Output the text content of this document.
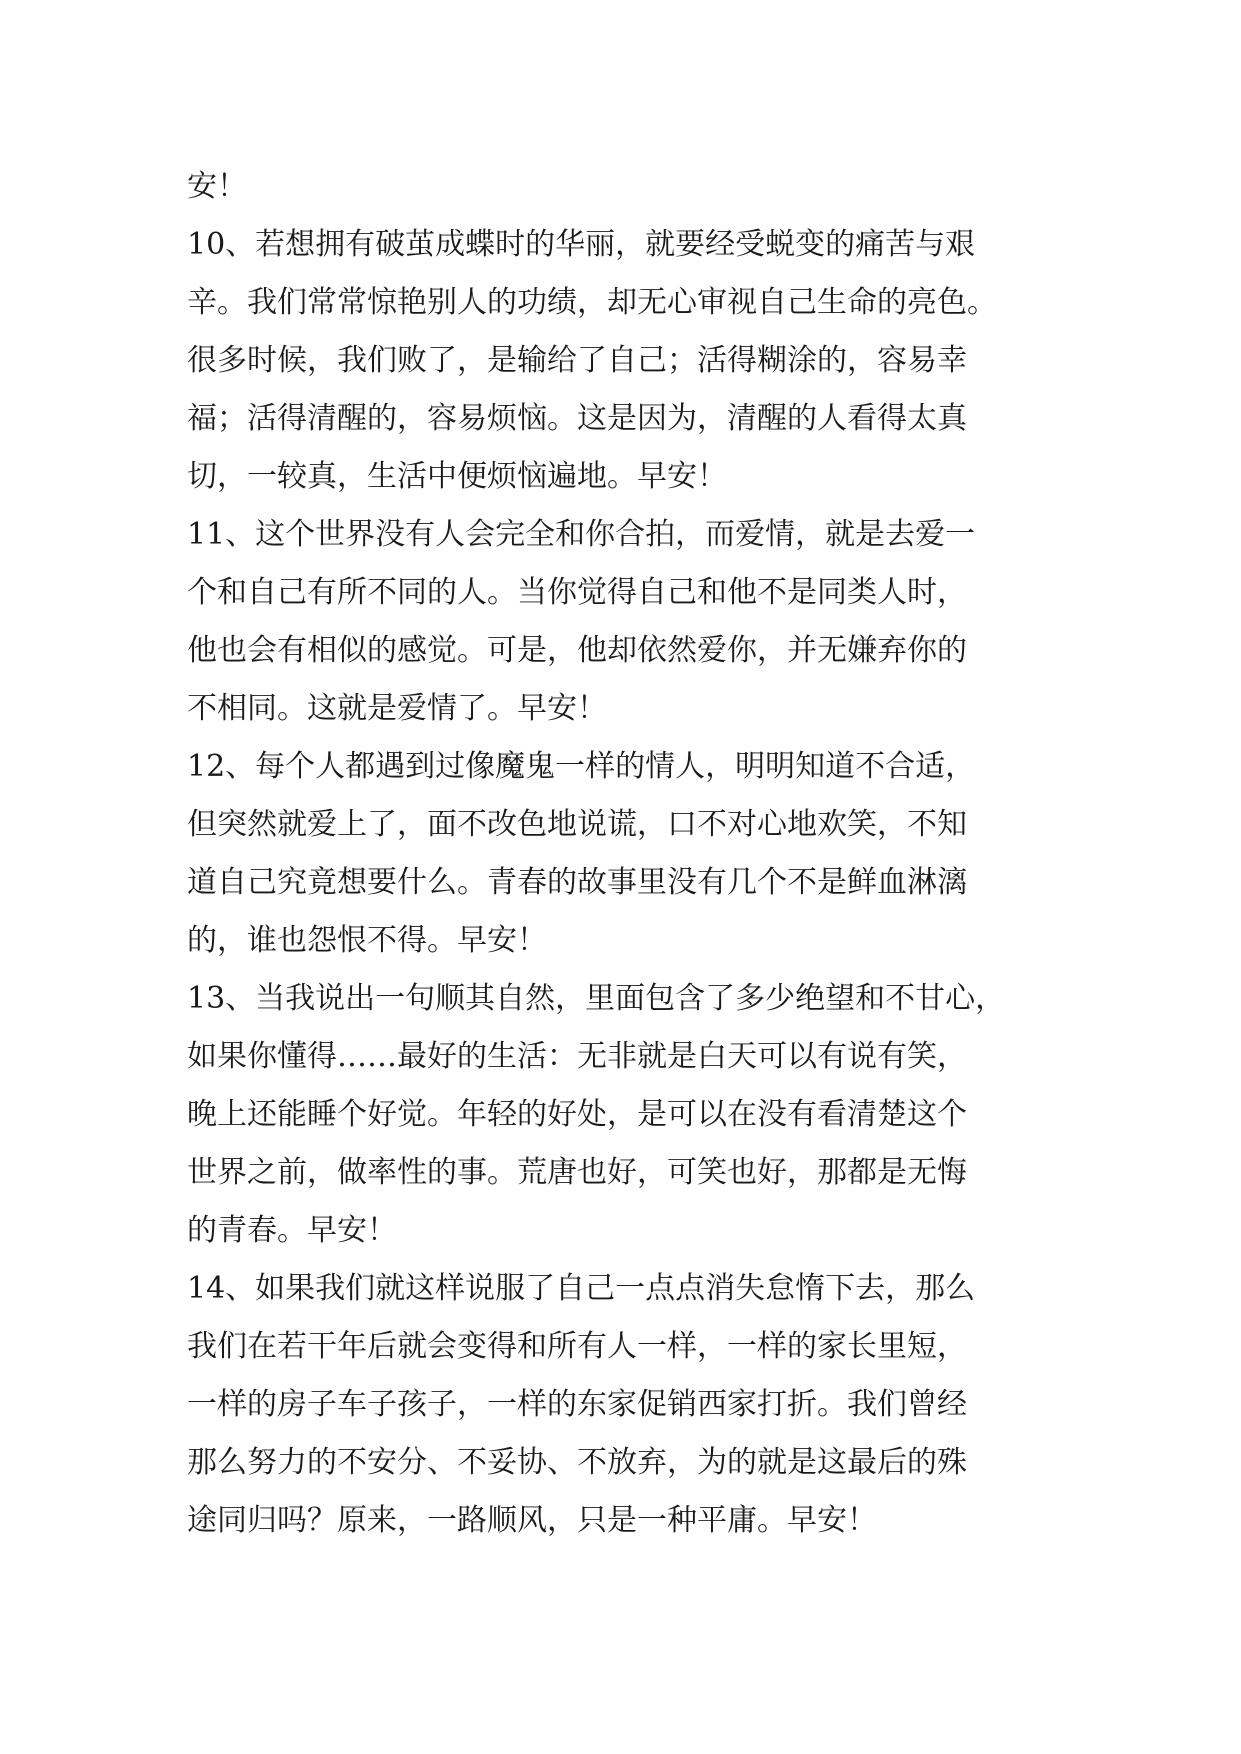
安！
10、若想拥有破茧成蝶时的华丽，就要经受蜕变的痛苦与艰
辛。我们常常惊艳别人的功绩，却无心审视自己生命的亮色。
很多时候，我们败了，是输给了自己；活得糊涂的，容易幸
福；活得清醒的，容易烦恼。这是因为，清醒的人看得太真
切，一较真，生活中便烦恼遍地。早安！
11、这个世界没有人会完全和你合拍，而爱情，就是去爱一
个和自己有所不同的人。当你觉得自己和他不是同类人时，
他也会有相似的感觉。可是，他却依然爱你，并无嫌弃你的
不相同。这就是爱情了。早安！
12、每个人都遇到过像魔鬼一样的情人，明明知道不合适，
但突然就爱上了，面不改色地说谎，口不对心地欢笑，不知
道自己究竟想要什么。青春的故事里没有几个不是鲜血淋漓
的，谁也怨恨不得。早安！
13、当我说出一句顺其自然，里面包含了多少绝望和不甘心，
如果你懂得……最好的生活：无非就是白天可以有说有笑，
晚上还能睡个好觉。年轻的好处，是可以在没有看清楚这个
世界之前，做率性的事。荒唐也好，可笑也好，那都是无悔
的青春。早安！
14、如果我们就这样说服了自己一点点消失怠惰下去，那么
我们在若干年后就会变得和所有人一样，一样的家长里短，
一样的房子车子孩子，一样的东家促销西家打折。我们曾经
那么努力的不安分、不妥协、不放弃，为的就是这最后的殊
途同归吗？原来，一路顺风，只是一种平庸。早安！
